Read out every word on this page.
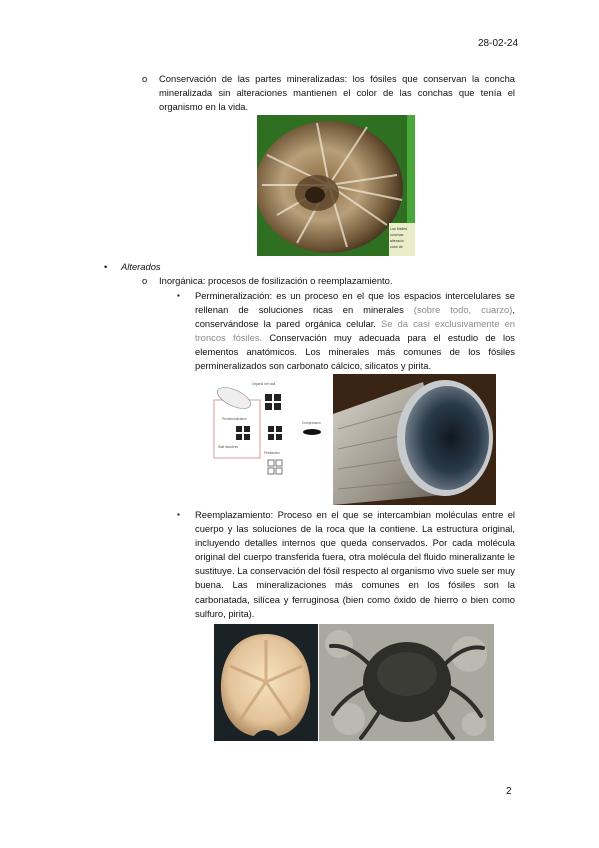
28-02-24
2
o Conservación de las partes mineralizadas: los fósiles que conservan la concha mineralizada sin alteraciones mantienen el color de las conchas que tenía el organismo en la vida.
Los fósiles
conchas
alteracio
color de
• Alterados
o Inorgánica: procesos de fosilización o reemplazamiento.
▪ Permineralización: es un proceso en el que los espacios intercelulares se rellenan de soluciones ricas en minerales (sobre todo, cuarzo), conservándose la pared orgánica celular. Se da casi exclusivamente en troncos fósiles. Conservación muy adecuada para el estudio de los elementos anatómicos. Los minerales más comunes de los fósiles permineralizados son carbonato cálcico, silicatos y pirita.
Organic cell wall
Permineralization
Wall dissolves
Petrifaction
Compression
▪ Reemplazamiento: Proceso en el que se intercambian moléculas entre el cuerpo y las soluciones de la roca que la contiene. La estructura original, incluyendo detalles internos que queda conservados. Por cada molécula original del cuerpo transferida fuera, otra molécula del fluido mineralizante le sustituye. La conservación del fósil respecto al organismo vivo suele ser muy buena. Las mineralizaciones más comunes en los fósiles son la carbonatada, silícea y ferruginosa (bien como óxido de hierro o bien como sulfuro, pirita).
